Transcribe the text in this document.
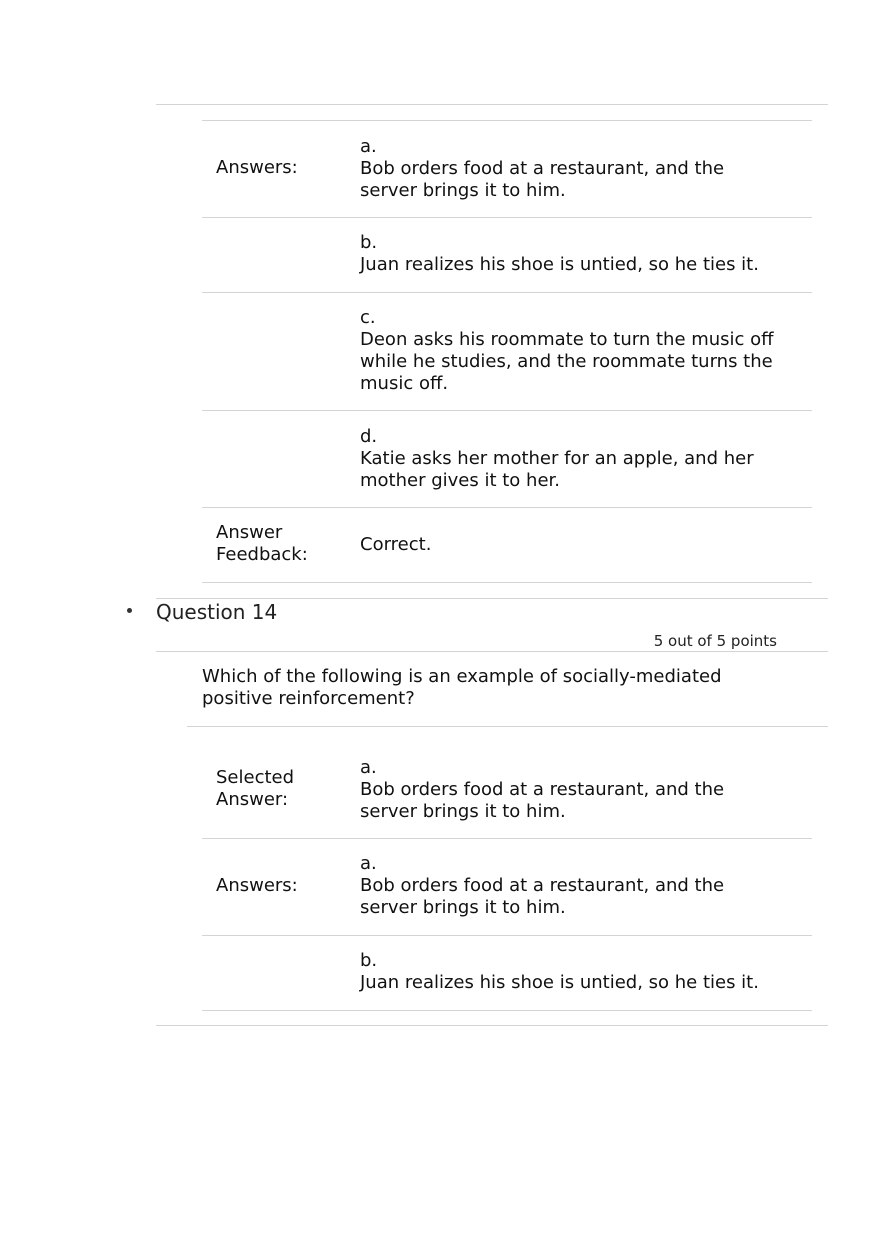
Answers:
a.
Bob orders food at a restaurant, and the server brings it to him.
b.
Juan realizes his shoe is untied, so he ties it.
c.
Deon asks his roommate to turn the music off while he studies, and the roommate turns the music off.
d.
Katie asks her mother for an apple, and her mother gives it to her.
Answer Feedback:	Correct.
Question 14
5 out of 5 points
Which of the following is an example of socially-mediated positive reinforcement?
Selected Answer:
a.
Bob orders food at a restaurant, and the server brings it to him.
Answers:
a.
Bob orders food at a restaurant, and the server brings it to him.
b.
Juan realizes his shoe is untied, so he ties it.
